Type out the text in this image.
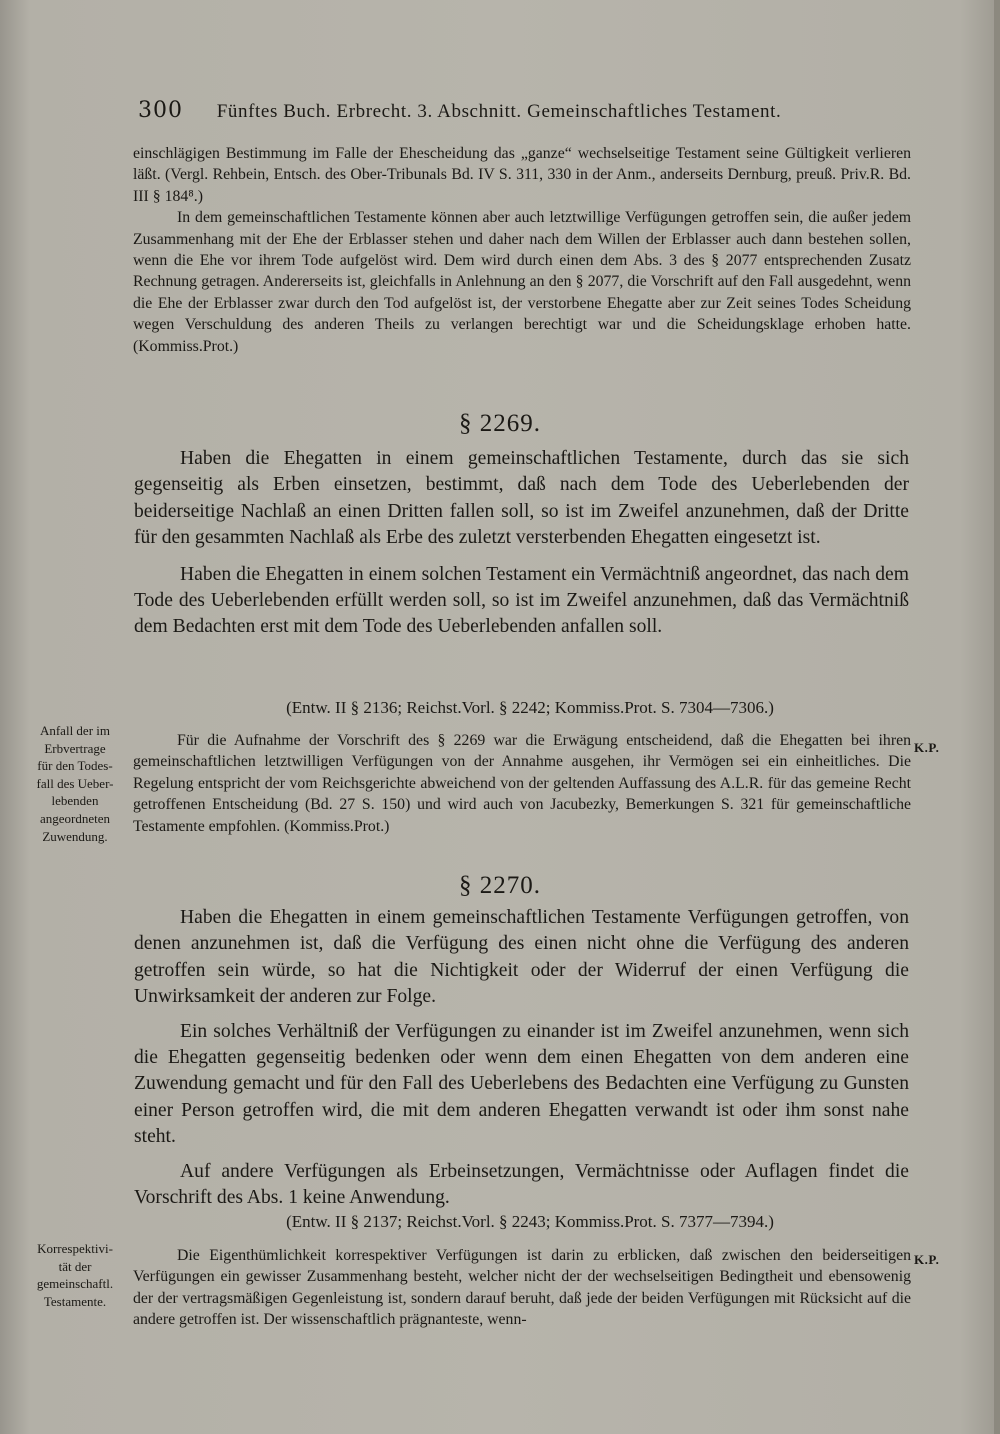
300 Fünftes Buch. Erbrecht. 3. Abschnitt. Gemeinschaftliches Testament.

einschlägigen Bestimmung im Falle der Ehescheidung das „ganze“ wechselseitige Testament seine Gültigkeit verlieren läßt. (Vergl. Rehbein, Entsch. des Ober-Tribunals Bd. IV S. 311, 330 in der Anm., anderseits Dernburg, preuß. Priv.R. Bd. III § 184⁸.)

In dem gemeinschaftlichen Testamente können aber auch letztwillige Verfügungen getroffen sein, die außer jedem Zusammenhang mit der Ehe der Erblasser stehen und daher nach dem Willen der Erblasser auch dann bestehen sollen, wenn die Ehe vor ihrem Tode aufgelöst wird. Dem wird durch einen dem Abs. 3 des § 2077 entsprechenden Zusatz Rechnung getragen. Andererseits ist, gleichfalls in Anlehnung an den § 2077, die Vorschrift auf den Fall ausgedehnt, wenn die Ehe der Erblasser zwar durch den Tod aufgelöst ist, der verstorbene Ehegatte aber zur Zeit seines Todes Scheidung wegen Verschuldung des anderen Theils zu verlangen berechtigt war und die Scheidungsklage erhoben hatte. (Kommiss.Prot.)

§ 2269.

Haben die Ehegatten in einem gemeinschaftlichen Testamente, durch das sie sich gegenseitig als Erben einsetzen, bestimmt, daß nach dem Tode des Ueberlebenden der beiderseitige Nachlaß an einen Dritten fallen soll, so ist im Zweifel anzunehmen, daß der Dritte für den gesammten Nachlaß als Erbe des zuletzt versterbenden Ehegatten eingesetzt ist.

Haben die Ehegatten in einem solchen Testament ein Vermächtniß angeordnet, das nach dem Tode des Ueberlebenden erfüllt werden soll, so ist im Zweifel anzunehmen, daß das Vermächtniß dem Bedachten erst mit dem Tode des Ueberlebenden anfallen soll.

(Entw. II § 2136; Reichst.Vorl. § 2242; Kommiss.Prot. S. 7304—7306.)
Anfall der im
Erbvertrage
für den Todes-
fall des Ueber-
lebenden
angeordneten
Zuwendung.
K.P.

Für die Aufnahme der Vorschrift des § 2269 war die Erwägung entscheidend, daß die Ehegatten bei ihren gemeinschaftlichen letztwilligen Verfügungen von der Annahme ausgehen, ihr Vermögen sei ein einheitliches. Die Regelung entspricht der vom Reichsgerichte abweichend von der geltenden Auffassung des A.L.R. für das gemeine Recht getroffenen Entscheidung (Bd. 27 S. 150) und wird auch von Jacubezky, Bemerkungen S. 321 für gemeinschaftliche Testamente empfohlen. (Kommiss.Prot.)

§ 2270.

Haben die Ehegatten in einem gemeinschaftlichen Testamente Verfügungen getroffen, von denen anzunehmen ist, daß die Verfügung des einen nicht ohne die Verfügung des anderen getroffen sein würde, so hat die Nichtigkeit oder der Widerruf der einen Verfügung die Unwirksamkeit der anderen zur Folge.

Ein solches Verhältniß der Verfügungen zu einander ist im Zweifel anzunehmen, wenn sich die Ehegatten gegenseitig bedenken oder wenn dem einen Ehegatten von dem anderen eine Zuwendung gemacht und für den Fall des Ueberlebens des Bedachten eine Verfügung zu Gunsten einer Person getroffen wird, die mit dem anderen Ehegatten verwandt ist oder ihm sonst nahe steht.

Auf andere Verfügungen als Erbeinsetzungen, Vermächtnisse oder Auflagen findet die Vorschrift des Abs. 1 keine Anwendung.

(Entw. II § 2137; Reichst.Vorl. § 2243; Kommiss.Prot. S. 7377—7394.)
Korrespektivi-
tät der
gemeinschaftl.
Testamente.
K.P.

Die Eigenthümlichkeit korrespektiver Verfügungen ist darin zu erblicken, daß zwischen den beiderseitigen Verfügungen ein gewisser Zusammenhang besteht, welcher nicht der der wechselseitigen Bedingtheit und ebensowenig der der vertragsmäßigen Gegenleistung ist, sondern darauf beruht, daß jede der beiden Verfügungen mit Rücksicht auf die andere getroffen ist. Der wissenschaftlich prägnanteste, wenn-
